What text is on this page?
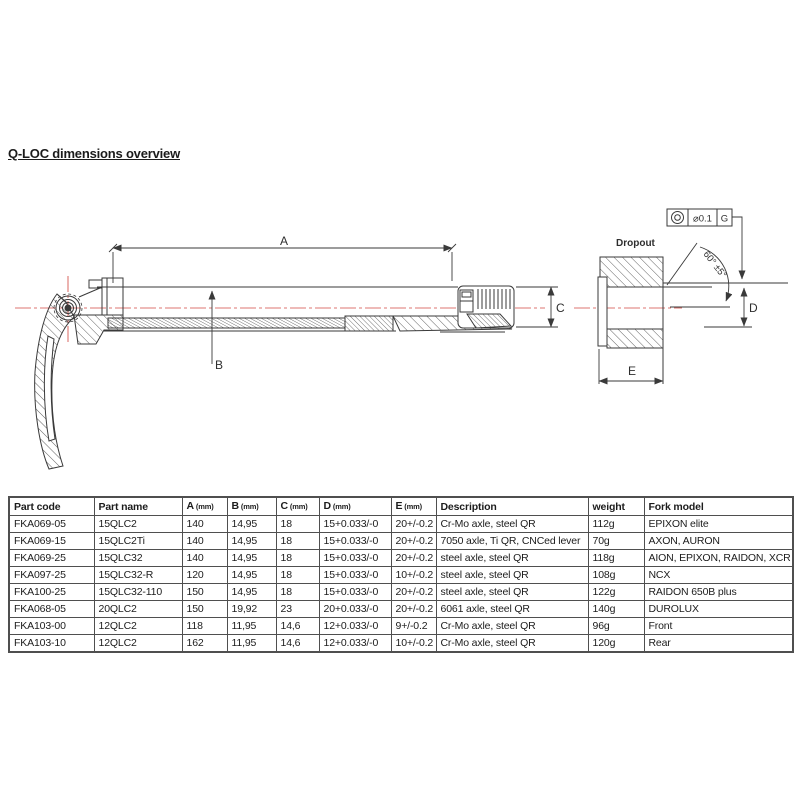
Q-LOC dimensions overview
A
B
C
Dropout
⌀0.1 G
60° ±5°
D
E
Part code	Part name	A (mm)	B (mm)	C (mm)	D (mm)	E (mm)	Description	weight	Fork model
FKA069-05	15QLC2	140	14,95	18	15+0.033/-0	20+/-0.2	Cr-Mo axle, steel QR	112g	EPIXON elite
FKA069-15	15QLC2Ti	140	14,95	18	15+0.033/-0	20+/-0.2	7050 axle, Ti QR, CNCed lever	70g	AXON, AURON
FKA069-25	15QLC32	140	14,95	18	15+0.033/-0	20+/-0.2	steel axle, steel QR	118g	AION, EPIXON, RAIDON, XCR
FKA097-25	15QLC32-R	120	14,95	18	15+0.033/-0	10+/-0.2	steel axle, steel QR	108g	NCX
FKA100-25	15QLC32-110	150	14,95	18	15+0.033/-0	20+/-0.2	steel axle, steel QR	122g	RAIDON 650B plus
FKA068-05	20QLC2	150	19,92	23	20+0.033/-0	20+/-0.2	6061 axle, steel QR	140g	DUROLUX
FKA103-00	12QLC2	118	11,95	14,6	12+0.033/-0	9+/-0.2	Cr-Mo axle, steel QR	96g	Front
FKA103-10	12QLC2	162	11,95	14,6	12+0.033/-0	10+/-0.2	Cr-Mo axle, steel QR	120g	Rear
